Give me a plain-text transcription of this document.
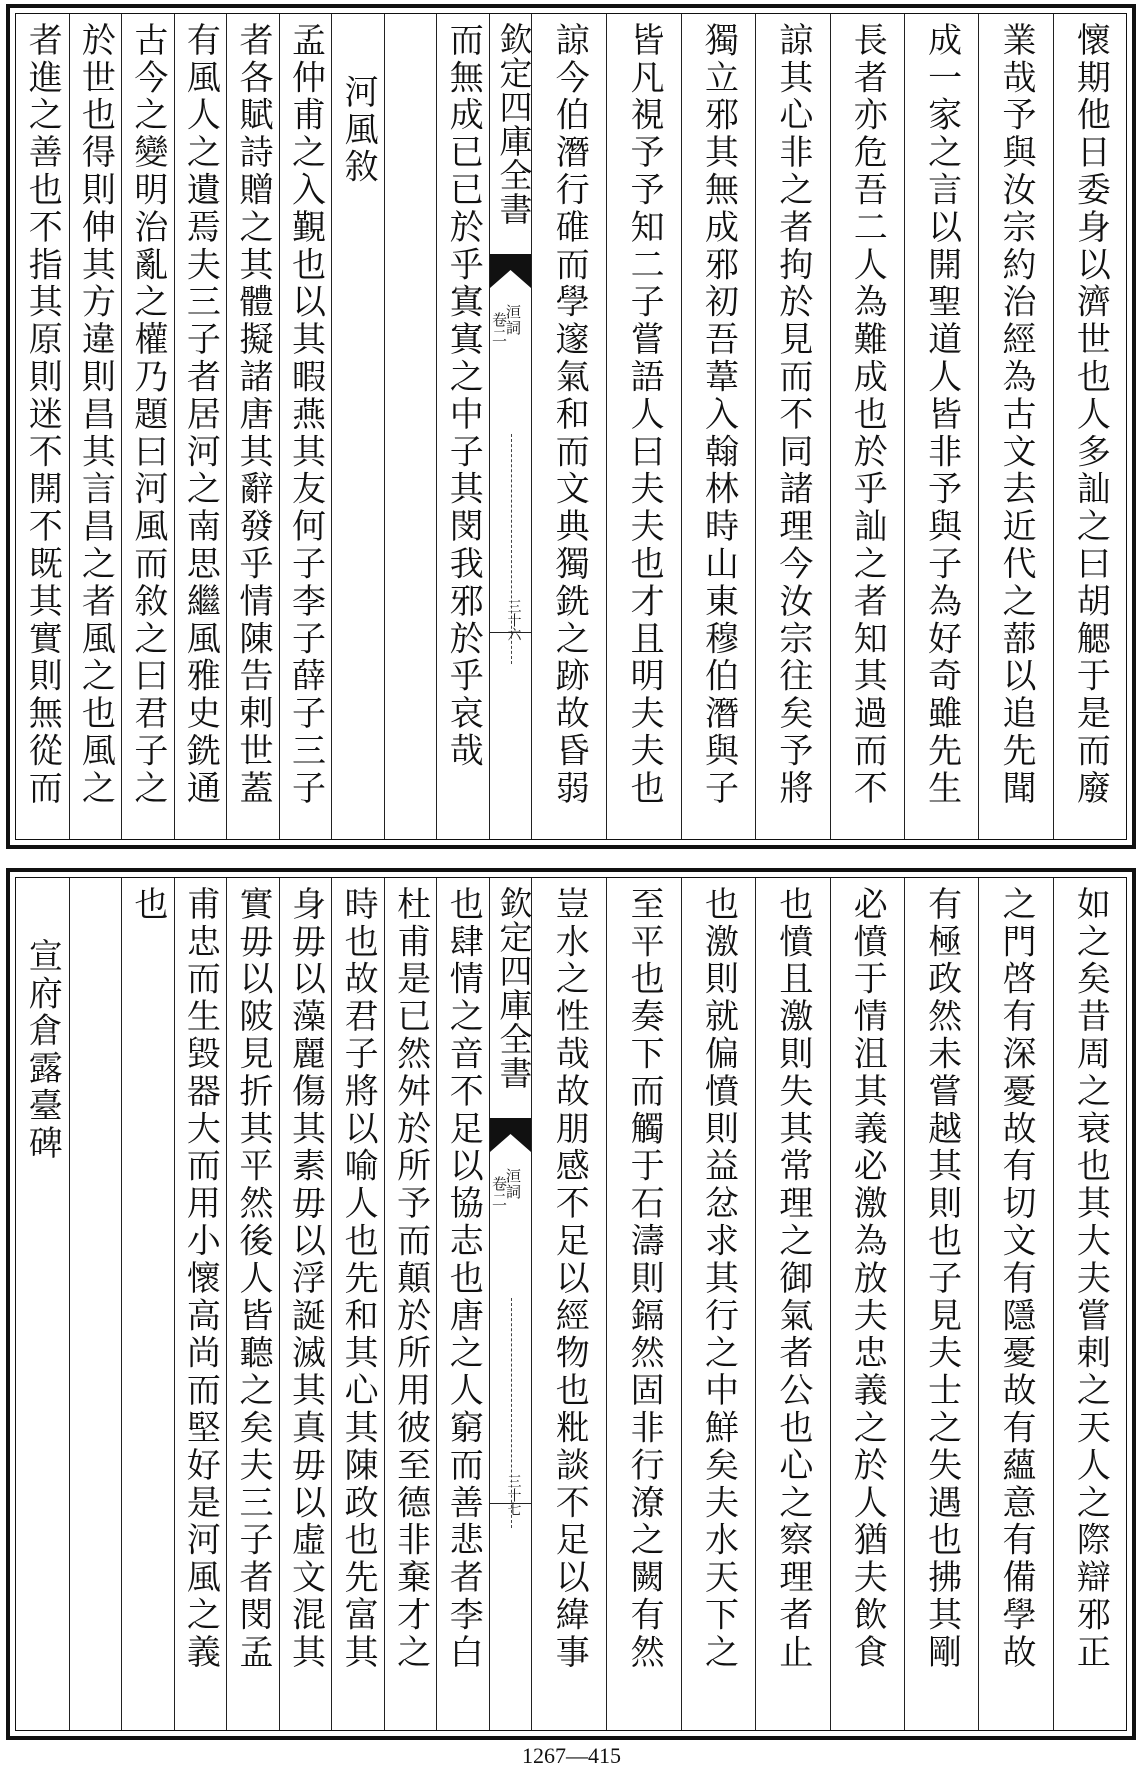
懷期他日委身以濟世也人多訕之曰胡䚡于是而廢
業哉予與汝宗約治經為古文去近代之蔀以追先聞
成一家之言以開聖道人皆非予與子為好奇雖先生
長者亦危吾二人為難成也於乎訕之者知其過而不
諒其心非之者拘於見而不同諸理今汝宗往矣予將
獨立邪其無成邪初吾葦入翰林時山東穆伯潛與子
皆凡視予予知二子嘗語人曰夫夫也才且明夫夫也
諒今伯潛行碓而學邃氣和而文典獨銑之跡故昏弱
欽定四庫全書
洹詞
卷二
三十六
而無成已已於乎寘寘之中子其閔我邪於乎哀哉
河風敘
孟仲甫之入覲也以其暇燕其友何子李子薛子三子
者各賦詩贈之其體擬諸唐其辭發乎情陳告剌世蓋
有風人之遺焉夫三子者居河之南思繼風雅史銑通
古今之變明治亂之權乃題曰河風而敘之曰君子之
於世也得則伸其方違則昌其言昌之者風之也風之
者進之善也不指其原則迷不開不既其實則無從而
如之矣昔周之衰也其大夫嘗剌之天人之際辯邪正
之門啓有深憂故有切文有隱憂故有蘊意有備學故
有極政然未嘗越其則也子見夫士之失遇也拂其剛
必憤于情沮其義必激為放夫忠義之於人猶夫飲食
也憤且激則失其常理之御氣者公也心之察理者止
也激則就偏憤則益忿求其行之中鮮矣夫水天下之
至平也奏下而觸于石濤則鎘然固非行潦之闕有然
豈水之性哉故朋感不足以經物也粃談不足以緯事
欽定四庫全書
洹詞
卷二
三十七
也肆情之音不足以協志也唐之人窮而善悲者李白
杜甫是已然舛於所予而顛於所用彼至德非棄才之
時也故君子將以喻人也先和其心其陳政也先富其
身毋以藻麗傷其素毋以浮誕滅其真毋以虛文混其
實毋以陂見折其平然後人皆聽之矣夫三子者閔孟
甫忠而生毀器大而用小懷高尚而堅好是河風之義
也
宣府倉露臺碑
1267—415
